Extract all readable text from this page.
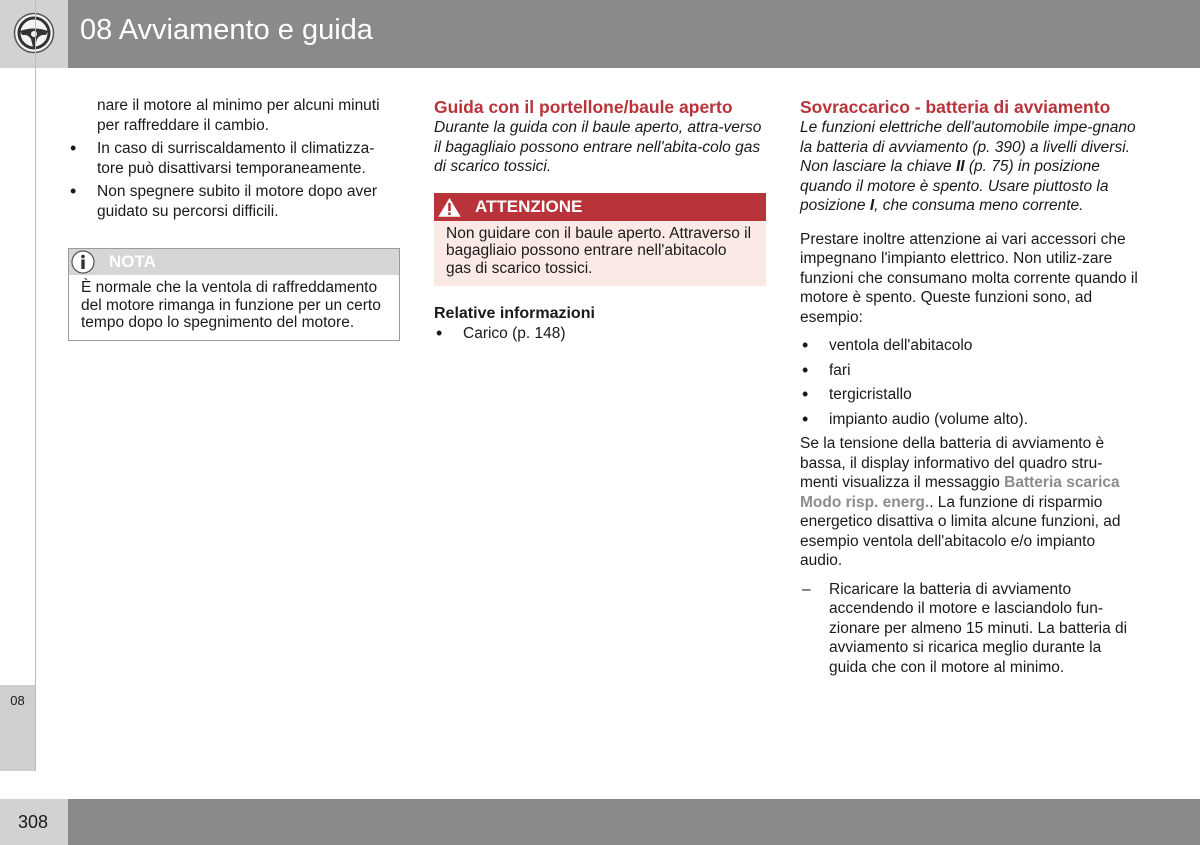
08 Avviamento e guida
08
308

nare il motore al minimo per alcuni minuti per raffreddare il cambio.

• In caso di surriscaldamento il climatizza-tore può disattivarsi temporaneamente.
• Non spegnere subito il motore dopo aver guidato su percorsi difficili.
NOTA
È normale che la ventola di raffreddamento del motore rimanga in funzione per un certo tempo dopo lo spegnimento del motore.
Guida con il portellone/baule aperto

Durante la guida con il baule aperto, attra-verso il bagagliaio possono entrare nell'abita-colo gas di scarico tossici.

ATTENZIONE
Non guidare con il baule aperto. Attraverso il bagagliaio possono entrare nell'abitacolo gas di scarico tossici.
Relative informazioni
• Carico (p. 148)
Sovraccarico - batteria di avviamento

Le funzioni elettriche dell'automobile impe-gnano la batteria di avviamento (p. 390) a livelli diversi. Non lasciare la chiave II (p. 75) in posizione quando il motore è spento. Usare piuttosto la posizione I, che consuma meno corrente.

Prestare inoltre attenzione ai vari accessori che impegnano l'impianto elettrico. Non utiliz-zare funzioni che consumano molta corrente quando il motore è spento. Queste funzioni sono, ad esempio:

• ventola dell'abitacolo
• fari
• tergicristallo
• impianto audio (volume alto).

Se la tensione della batteria di avviamento è bassa, il display informativo del quadro stru-menti visualizza il messaggio Batteria scarica Modo risp. energ.. La funzione di risparmio energetico disattiva o limita alcune funzioni, ad esempio ventola dell'abitacolo e/o impianto audio.

– Ricaricare la batteria di avviamento accendendo il motore e lasciandolo fun-zionare per almeno 15 minuti. La batteria di avviamento si ricarica meglio durante la guida che con il motore al minimo.
